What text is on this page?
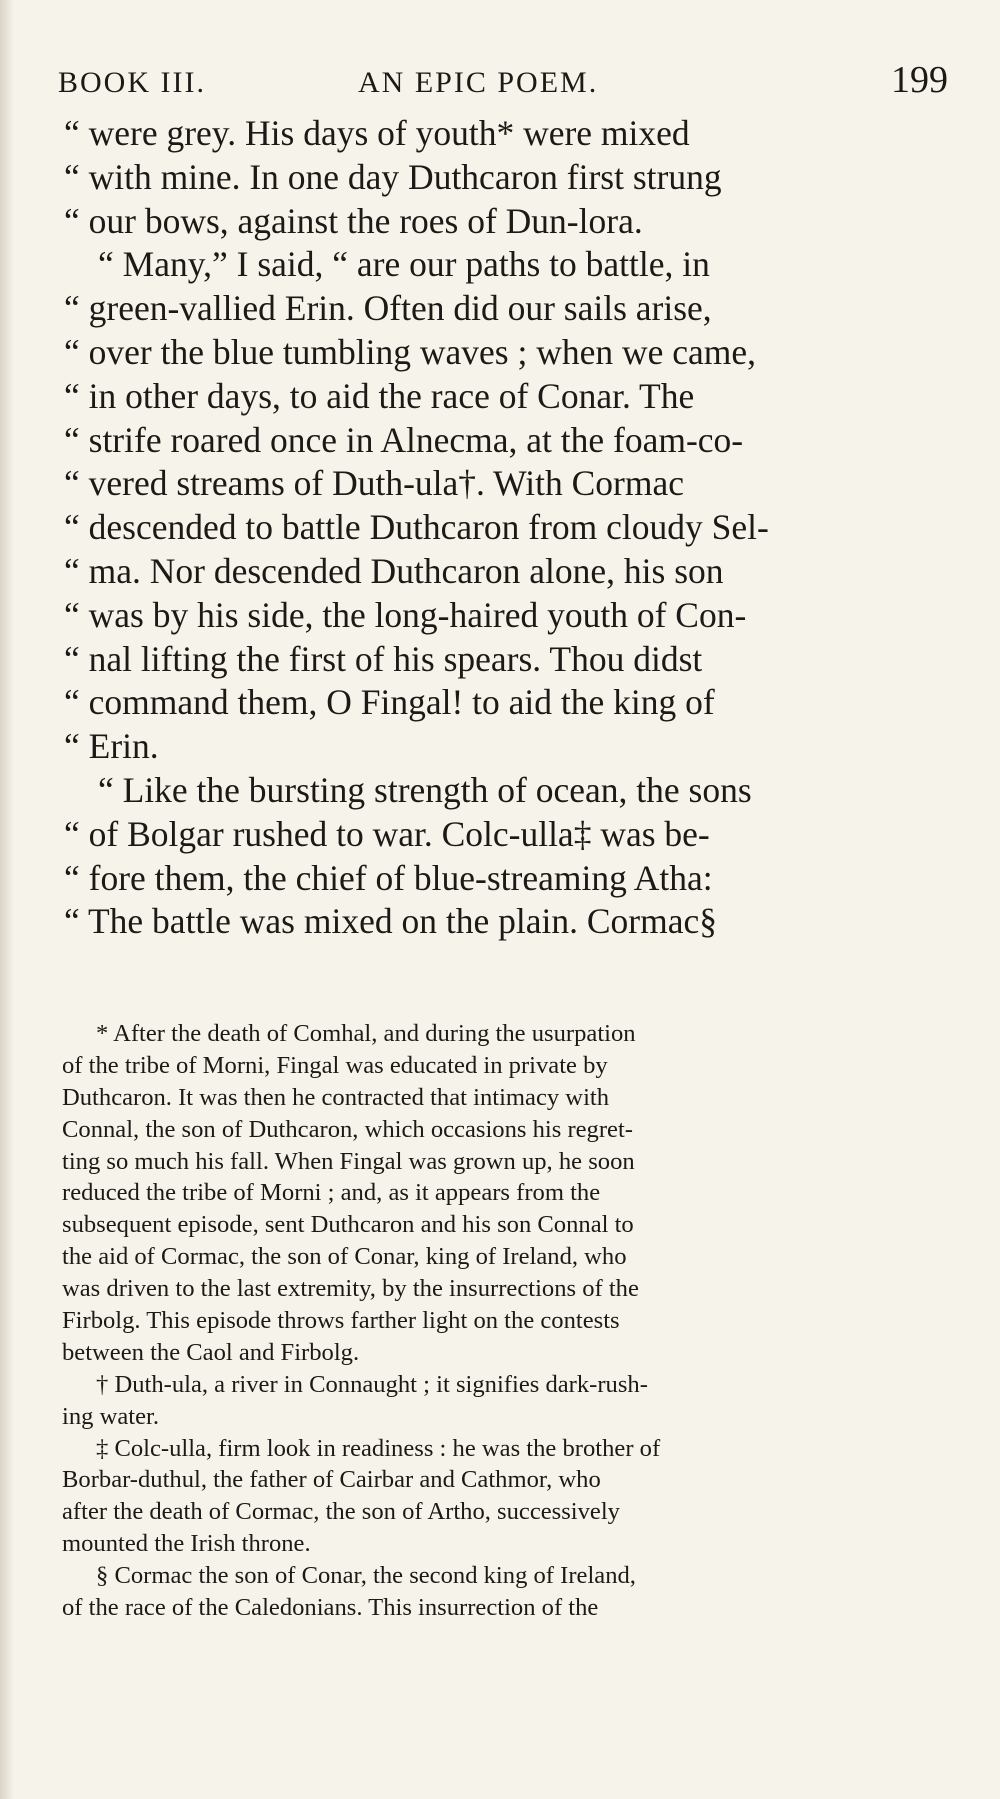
BOOK III.	AN EPIC POEM.	199
“ were grey. His days of youth* were mixed
“ with mine. In one day Duthcaron first strung
“ our bows, against the roes of Dun-lora.
“ Many,” I said, “ are our paths to battle, in
“ green-vallied Erin. Often did our sails arise,
“ over the blue tumbling waves ; when we came,
“ in other days, to aid the race of Conar. The
“ strife roared once in Alnecma, at the foam-co-
“ vered streams of Duth-ula†. With Cormac
“ descended to battle Duthcaron from cloudy Sel-
“ ma. Nor descended Duthcaron alone, his son
“ was by his side, the long-haired youth of Con-
“ nal lifting the first of his spears. Thou didst
“ command them, O Fingal! to aid the king of
“ Erin.
“ Like the bursting strength of ocean, the sons
“ of Bolgar rushed to war. Colc-ulla‡ was be-
“ fore them, the chief of blue-streaming Atha:
“ The battle was mixed on the plain. Cormac§
* After the death of Comhal, and during the usurpation
of the tribe of Morni, Fingal was educated in private by
Duthcaron. It was then he contracted that intimacy with
Connal, the son of Duthcaron, which occasions his regret-
ting so much his fall. When Fingal was grown up, he soon
reduced the tribe of Morni ; and, as it appears from the
subsequent episode, sent Duthcaron and his son Connal to
the aid of Cormac, the son of Conar, king of Ireland, who
was driven to the last extremity, by the insurrections of the
Firbolg. This episode throws farther light on the contests
between the Caol and Firbolg.
† Duth-ula, a river in Connaught ; it signifies dark-rush-
ing water.
‡ Colc-ulla, firm look in readiness : he was the brother of
Borbar-duthul, the father of Cairbar and Cathmor, who
after the death of Cormac, the son of Artho, successively
mounted the Irish throne.
§ Cormac the son of Conar, the second king of Ireland,
of the race of the Caledonians. This insurrection of the
